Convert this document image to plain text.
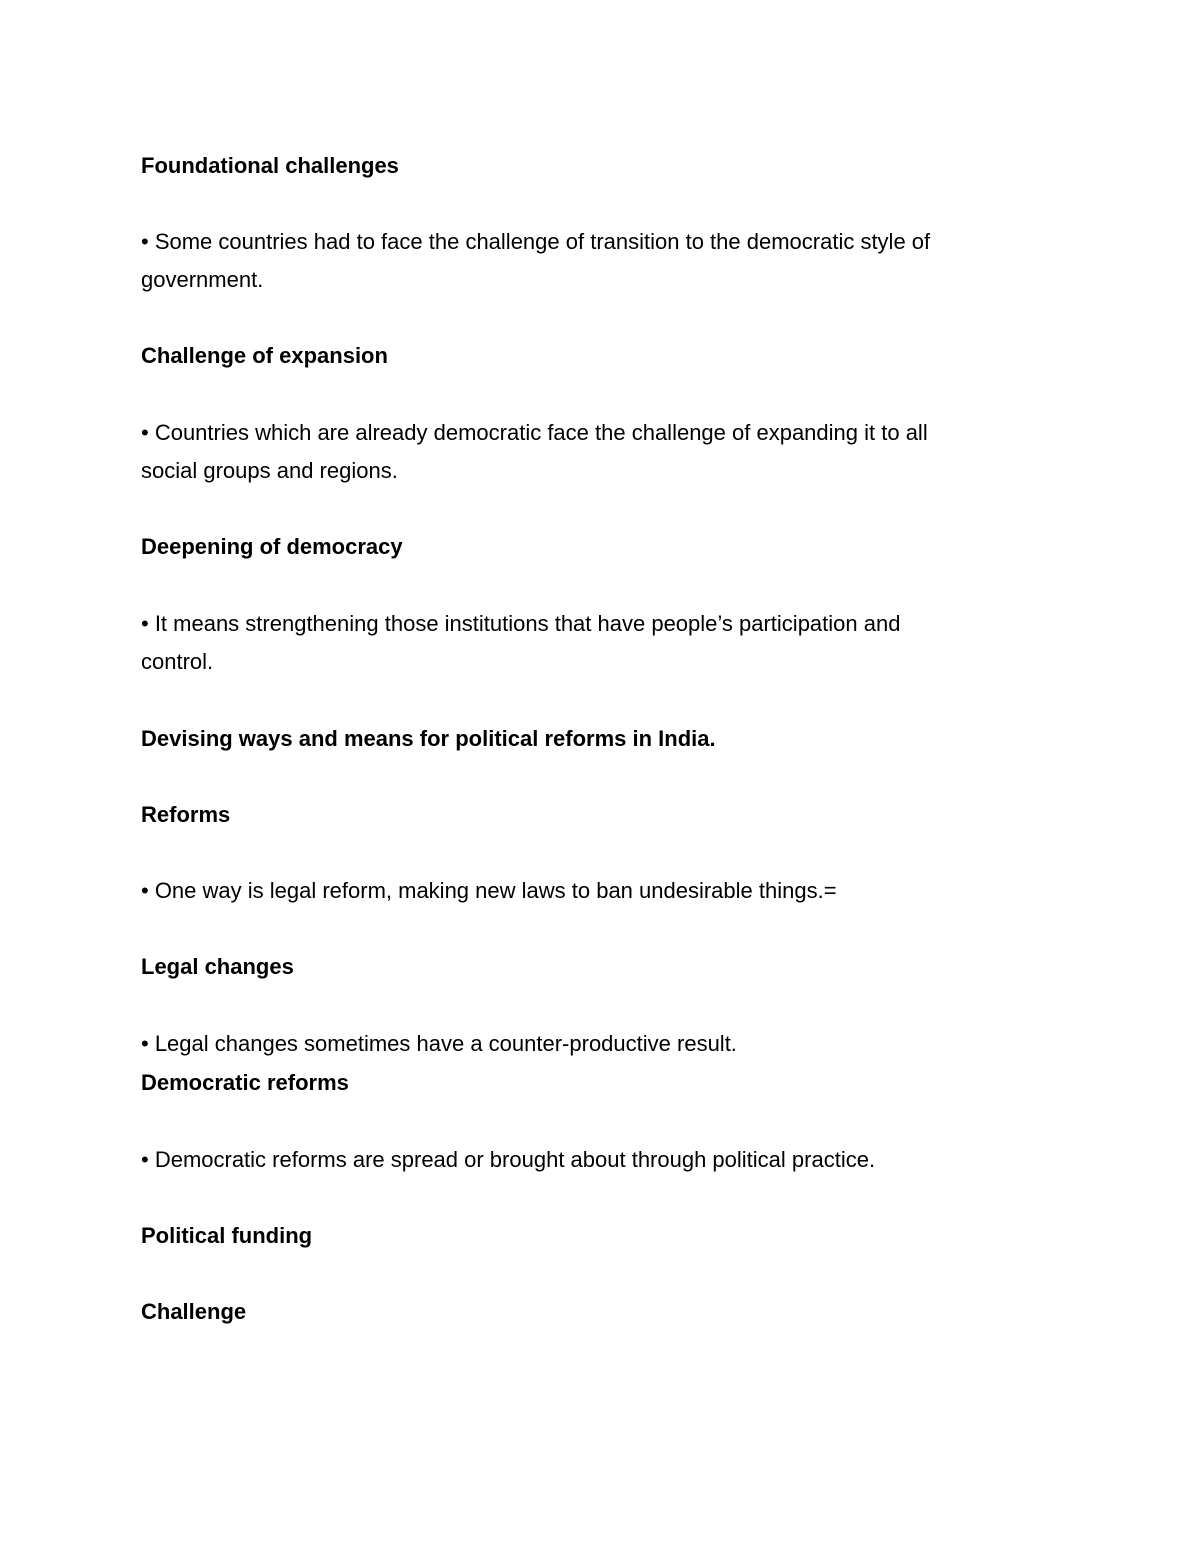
Foundational challenges

• Some countries had to face the challenge of transition to the democratic style of

government.

Challenge of expansion

• Countries which are already democratic face the challenge of expanding it to all

social groups and regions.

Deepening of democracy

• It means strengthening those institutions that have people’s participation and

control.

Devising ways and means for political reforms in India.

Reforms

• One way is legal reform, making new laws to ban undesirable things.=

Legal changes

• Legal changes sometimes have a counter-productive result.

Democratic reforms

• Democratic reforms are spread or brought about through political practice.

Political funding

Challenge
